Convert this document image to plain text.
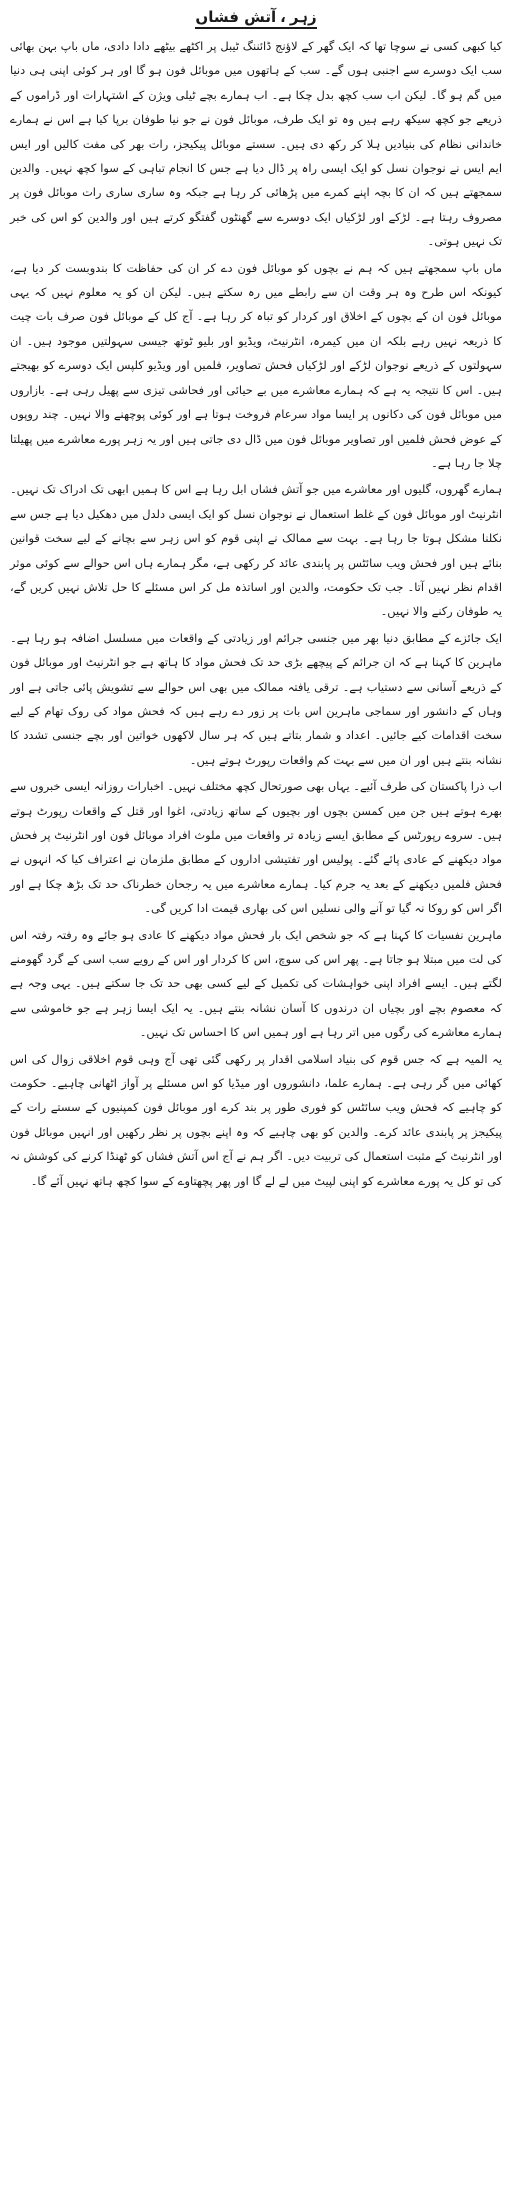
زہر،آتش فشاں

کیا کبھی کسی نے سوچا تھا کہ ایک گھر کے لاؤنج ڈائننگ ٹیبل پر اکٹھے بیٹھے دادا دادی، ماں باپ بہن بھائی سب ایک دوسرے سے اجنبی ہوں گے۔ سب کے ہاتھوں میں موبائل فون ہو گا اور ہر کوئی اپنی ہی دنیا میں گم ہو گا۔ لیکن اب سب کچھ بدل چکا ہے۔ اب ہمارے بچے ٹیلی ویژن کے اشتہارات اور ڈراموں کے ذریعے جو کچھ سیکھ رہے ہیں وہ تو ایک طرف، موبائل فون نے جو نیا طوفان برپا کیا ہے اس نے ہمارے خاندانی نظام کی بنیادیں ہلا کر رکھ دی ہیں۔ سستے موبائل پیکیجز، رات بھر کی مفت کالیں اور ایس ایم ایس نے نوجوان نسل کو ایک ایسی راہ پر ڈال دیا ہے جس کا انجام تباہی کے سوا کچھ نہیں۔ والدین سمجھتے ہیں کہ ان کا بچہ اپنے کمرے میں پڑھائی کر رہا ہے جبکہ وہ ساری ساری رات موبائل فون پر مصروف رہتا ہے۔ لڑکے اور لڑکیاں ایک دوسرے سے گھنٹوں گفتگو کرتے ہیں اور والدین کو اس کی خبر تک نہیں ہوتی۔

ماں باپ سمجھتے ہیں کہ ہم نے بچوں کو موبائل فون دے کر ان کی حفاظت کا بندوبست کر دیا ہے، کیونکہ اس طرح وہ ہر وقت ان سے رابطے میں رہ سکتے ہیں۔ لیکن ان کو یہ معلوم نہیں کہ یہی موبائل فون ان کے بچوں کے اخلاق اور کردار کو تباہ کر رہا ہے۔ آج کل کے موبائل فون صرف بات چیت کا ذریعہ نہیں رہے بلکہ ان میں کیمرہ، انٹرنیٹ، ویڈیو اور بلیو ٹوتھ جیسی سہولتیں موجود ہیں۔ ان سہولتوں کے ذریعے نوجوان لڑکے اور لڑکیاں فحش تصاویر، فلمیں اور ویڈیو کلپس ایک دوسرے کو بھیجتے ہیں۔ اس کا نتیجہ یہ ہے کہ ہمارے معاشرے میں بے حیائی اور فحاشی تیزی سے پھیل رہی ہے۔ بازاروں میں موبائل فون کی دکانوں پر ایسا مواد سرعام فروخت ہوتا ہے اور کوئی پوچھنے والا نہیں۔ چند روپوں کے عوض فحش فلمیں اور تصاویر موبائل فون میں ڈال دی جاتی ہیں اور یہ زہر پورے معاشرے میں پھیلتا چلا جا رہا ہے۔

ہمارے گھروں، گلیوں اور معاشرے میں جو آتش فشاں ابل رہا ہے اس کا ہمیں ابھی تک ادراک تک نہیں۔ انٹرنیٹ اور موبائل فون کے غلط استعمال نے نوجوان نسل کو ایک ایسی دلدل میں دھکیل دیا ہے جس سے نکلنا مشکل ہوتا جا رہا ہے۔ بہت سے ممالک نے اپنی قوم کو اس زہر سے بچانے کے لیے سخت قوانین بنائے ہیں اور فحش ویب سائٹس پر پابندی عائد کر رکھی ہے، مگر ہمارے ہاں اس حوالے سے کوئی موثر اقدام نظر نہیں آتا۔ جب تک حکومت، والدین اور اساتذہ مل کر اس مسئلے کا حل تلاش نہیں کریں گے، یہ طوفان رکنے والا نہیں۔

ایک جائزے کے مطابق دنیا بھر میں جنسی جرائم اور زیادتی کے واقعات میں مسلسل اضافہ ہو رہا ہے۔ ماہرین کا کہنا ہے کہ ان جرائم کے پیچھے بڑی حد تک فحش مواد کا ہاتھ ہے جو انٹرنیٹ اور موبائل فون کے ذریعے آسانی سے دستیاب ہے۔ ترقی یافتہ ممالک میں بھی اس حوالے سے تشویش پائی جاتی ہے اور وہاں کے دانشور اور سماجی ماہرین اس بات پر زور دے رہے ہیں کہ فحش مواد کی روک تھام کے لیے سخت اقدامات کیے جائیں۔ اعداد و شمار بتاتے ہیں کہ ہر سال لاکھوں خواتین اور بچے جنسی تشدد کا نشانہ بنتے ہیں اور ان میں سے بہت کم واقعات رپورٹ ہوتے ہیں۔

اب ذرا پاکستان کی طرف آئیے۔ یہاں بھی صورتحال کچھ مختلف نہیں۔ اخبارات روزانہ ایسی خبروں سے بھرے ہوتے ہیں جن میں کمسن بچوں اور بچیوں کے ساتھ زیادتی، اغوا اور قتل کے واقعات رپورٹ ہوتے ہیں۔ سروے رپورٹس کے مطابق ایسے زیادہ تر واقعات میں ملوث افراد موبائل فون اور انٹرنیٹ پر فحش مواد دیکھنے کے عادی پائے گئے۔ پولیس اور تفتیشی اداروں کے مطابق ملزمان نے اعتراف کیا کہ انہوں نے فحش فلمیں دیکھنے کے بعد یہ جرم کیا۔ ہمارے معاشرے میں یہ رجحان خطرناک حد تک بڑھ چکا ہے اور اگر اس کو روکا نہ گیا تو آنے والی نسلیں اس کی بھاری قیمت ادا کریں گی۔

ماہرین نفسیات کا کہنا ہے کہ جو شخص ایک بار فحش مواد دیکھنے کا عادی ہو جائے وہ رفتہ رفتہ اس کی لت میں مبتلا ہو جاتا ہے۔ پھر اس کی سوچ، اس کا کردار اور اس کے رویے سب اسی کے گرد گھومنے لگتے ہیں۔ ایسے افراد اپنی خواہشات کی تکمیل کے لیے کسی بھی حد تک جا سکتے ہیں۔ یہی وجہ ہے کہ معصوم بچے اور بچیاں ان درندوں کا آسان نشانہ بنتے ہیں۔ یہ ایک ایسا زہر ہے جو خاموشی سے ہمارے معاشرے کی رگوں میں اتر رہا ہے اور ہمیں اس کا احساس تک نہیں۔

یہ المیہ ہے کہ جس قوم کی بنیاد اسلامی اقدار پر رکھی گئی تھی آج وہی قوم اخلاقی زوال کی اس کھائی میں گر رہی ہے۔ ہمارے علما، دانشوروں اور میڈیا کو اس مسئلے پر آواز اٹھانی چاہیے۔ حکومت کو چاہیے کہ فحش ویب سائٹس کو فوری طور پر بند کرے اور موبائل فون کمپنیوں کے سستے رات کے پیکیجز پر پابندی عائد کرے۔ والدین کو بھی چاہیے کہ وہ اپنے بچوں پر نظر رکھیں اور انہیں موبائل فون اور انٹرنیٹ کے مثبت استعمال کی تربیت دیں۔ اگر ہم نے آج اس آتش فشاں کو ٹھنڈا کرنے کی کوشش نہ کی تو کل یہ پورے معاشرے کو اپنی لپیٹ میں لے لے گا اور پھر پچھتاوے کے سوا کچھ ہاتھ نہیں آئے گا۔
